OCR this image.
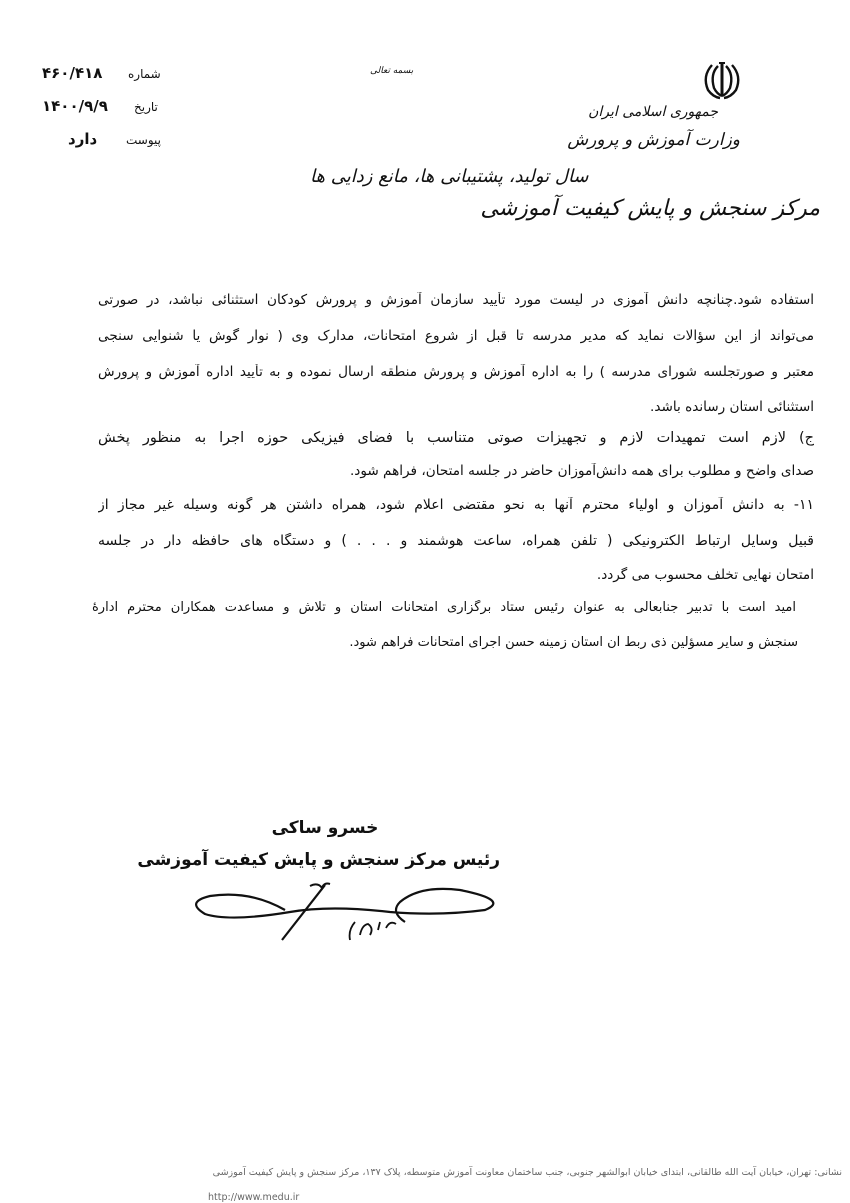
جمهوری اسلامی ایران
وزارت آموزش و پرورش
مرکز سنجش و پایش کیفیت آموزشی
بسمه تعالی
سال تولید، پشتیبانی ها، مانع زدایی ها
شماره
۴۶۰/۴۱۸
تاریخ
۱۴۰۰/۹/۹
پیوست
دارد
استفاده شود.چنانچه دانش آموزی در لیست مورد تأیید سازمان آموزش و پرورش کودکان استثنائی نباشد، در صورتی
می‌تواند از این سؤالات نماید که مدیر مدرسه تا قبل از شروع امتحانات، مدارک وی ( نوار گوش یا شنوایی سنجی
معتبر و صورتجلسه شورای مدرسه ) را به اداره آموزش و پرورش منطقه ارسال نموده و به تأیید اداره آموزش و پرورش
استثنائی استان رسانده باشد.
ج) لازم است تمهیدات لازم و تجهیزات صوتی متناسب با فضای فیزیکی حوزه اجرا به منظور پخش
صدای واضح و مطلوب برای همه دانش‌آموزان حاضر در جلسه امتحان، فراهم شود.
۱۱- به دانش آموزان و اولیاء محترم آنها به نحو مقتضی اعلام شود، همراه داشتن هر گونه وسیله غیر مجاز از
قبیل وسایل ارتباط الکترونیکی ( تلفن همراه، ساعت هوشمند و . . . ) و دستگاه های حافظه دار در جلسه
امتحان نهایی تخلف محسوب می گردد.
امید است با تدبیر جنابعالی به عنوان رئیس ستاد برگزاری امتحانات استان و تلاش و مساعدت همکاران محترم ادارهٔ
سنجش و سایر مسؤلین ذی ربط آن استان زمینه حسن اجرای امتحانات فراهم شود.
خسرو ساکی
رئیس مرکز سنجش و پایش کیفیت آموزشی
نشانی: تهران، خیابان آیت الله طالقانی، ابتدای خیابان ابوالشهر جنوبی، جنب ساختمان معاونت آموزش متوسطه، پلاک ۱۳۷، مرکز سنجش و پایش کیفیت آموزشی
http://www.medu.ir
